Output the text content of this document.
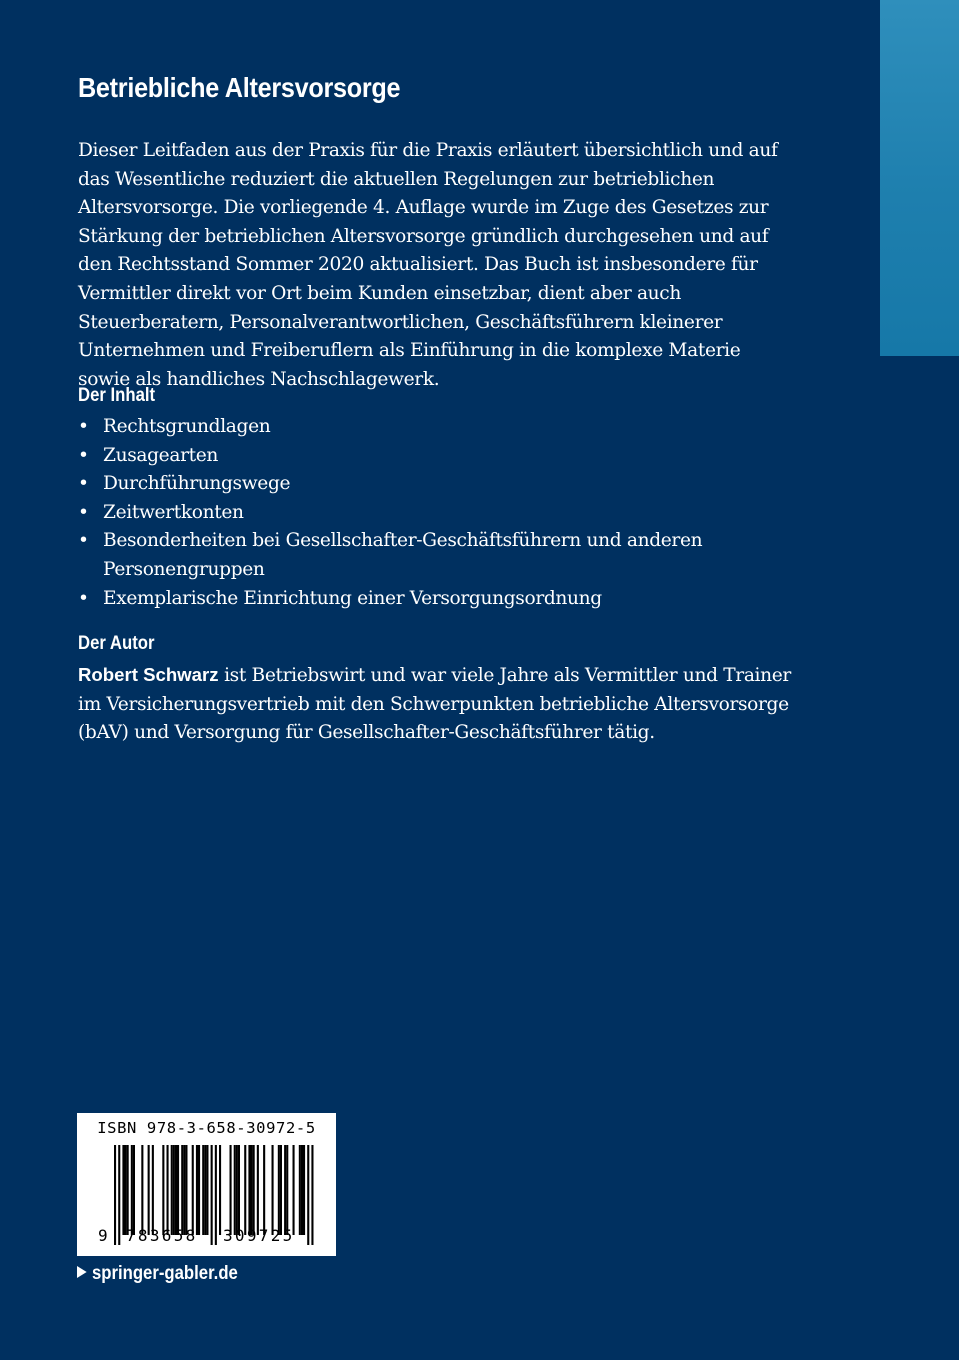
Betriebliche Altersvorsorge

Dieser Leitfaden aus der Praxis für die Praxis erläutert übersichtlich und auf das Wesentliche reduziert die aktuellen Regelungen zur betrieblichen Altersvorsorge. Die vorliegende 4. Auflage wurde im Zuge des Gesetzes zur Stärkung der betrieblichen Altersvorsorge gründlich durchgesehen und auf den Rechtsstand Sommer 2020 aktualisiert. Das Buch ist insbesondere für Vermittler direkt vor Ort beim Kunden einsetzbar, dient aber auch Steuerberatern, Personalverantwortlichen, Geschäftsführern kleinerer Unternehmen und Freiberuflern als Einführung in die komplexe Materie sowie als handliches Nachschlagewerk.

Der Inhalt
• Rechtsgrundlagen
• Zusagearten
• Durchführungswege
• Zeitwertkonten
• Besonderheiten bei Gesellschafter-Geschäftsführern und anderen Personengruppen
• Exemplarische Einrichtung einer Versorgungsordnung
Der Autor

Robert Schwarz ist Betriebswirt und war viele Jahre als Vermittler und Trainer im Versicherungsvertrieb mit den Schwerpunkten betriebliche Altersvorsorge (bAV) und Versorgung für Gesellschafter-Geschäftsführer tätig.

ISBN 978-3-658-30972-5
9 783658 309725
springer-gabler.de
